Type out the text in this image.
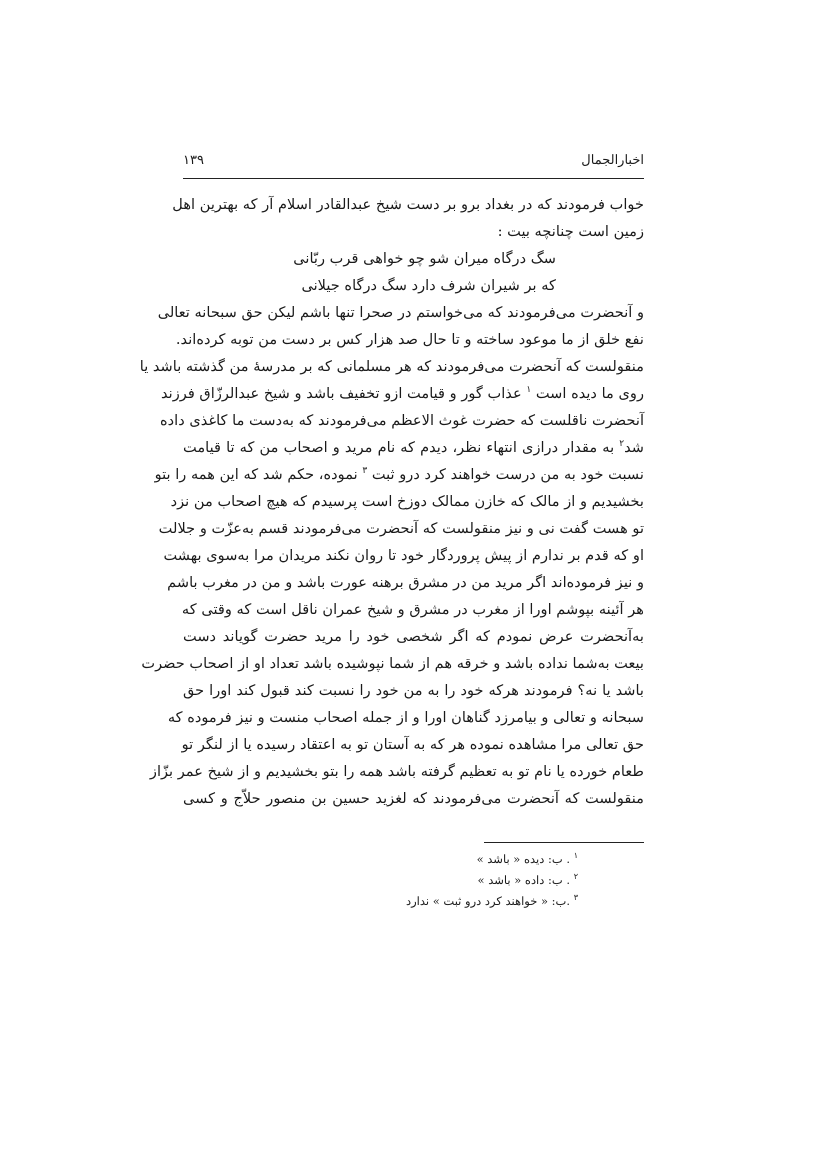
اخبارالجمال
١٣٩
خواب فرمودند که در بغداد برو بر دست شیخ عبدالقادر اسلام آر که بهترین اهل
زمین است چنانچه بیت :
سگ درگاه میران شو چو خواهی قرب ربّانی
که بر شیران شرف دارد سگ درگاه جیلانی
و آنحضرت می‌فرمودند که می‌خواستم در صحرا تنها باشم لیکن حق سبحانه تعالی
نفع خلق از ما موعود ساخته و تا حال صد هزار کس بر دست من توبه کرده‌اند.
منقولست که آنحضرت می‌فرمودند که هر مسلمانی که بر مدرسهٔ من گذشته باشد یا
روی ما دیده است $^١$ عذاب گور و قیامت ازو تخفیف باشد و شیخ عبدالرزّاق فرزند
آنحضرت ناقلست که حضرت غوث الاعظم می‌فرمودند که به‌دست ما کاغذی داده
شد$^٢$ به مقدار درازی انتهاء نظر، دیدم که نام مرید و اصحاب من که تا قیامت
نسبت خود به من درست خواهند کرد درو ثبت $^٣$ نموده، حکم شد که این همه را بتو
بخشیدیم و از مالک که خازن ممالک دوزخ است پرسیدم که هیچ اصحاب من نزد
تو هست گفت نی و نیز منقولست که آنحضرت می‌فرمودند قسم به‌عزّت و جلالت
او که قدم بر ندارم از پیش پروردگار خود تا روان نکند مریدان مرا به‌سوی بهشت
و نیز فرموده‌اند اگر مرید من در مشرق برهنه عورت باشد و من در مغرب باشم
هر آئینه بپوشم اورا از مغرب در مشرق و شیخ عمران ناقل است که وقتی که
به‌آنحضرت عرض نمودم که اگر شخصی خود را مرید حضرت گویاند دست
بیعت به‌شما نداده باشد و خرقه هم از شما نپوشیده باشد تعداد او از اصحاب حضرت
باشد یا نه؟ فرمودند هرکه خود را به من خود را نسبت کند قبول کند اورا حق
سبحانه و تعالی و بیامرزد گناهان اورا و از جمله اصحاب منست و نیز فرموده که
حق تعالی مرا مشاهده نموده هر که به آستان تو به اعتقاد رسیده یا از لنگر تو
طعام خورده یا نام تو به تعظیم گرفته باشد همه را بتو بخشیدیم و از شیخ عمر بزّاز
منقولست که آنحضرت می‌فرمودند که لغزید حسین بن منصور حلاّج و کسی
$^١$ . ب: دیده « باشد »
$^٢$ . ب: داده « باشد »
$^٣$ .ب: « خواهند کرد درو ثبت » ندارد
